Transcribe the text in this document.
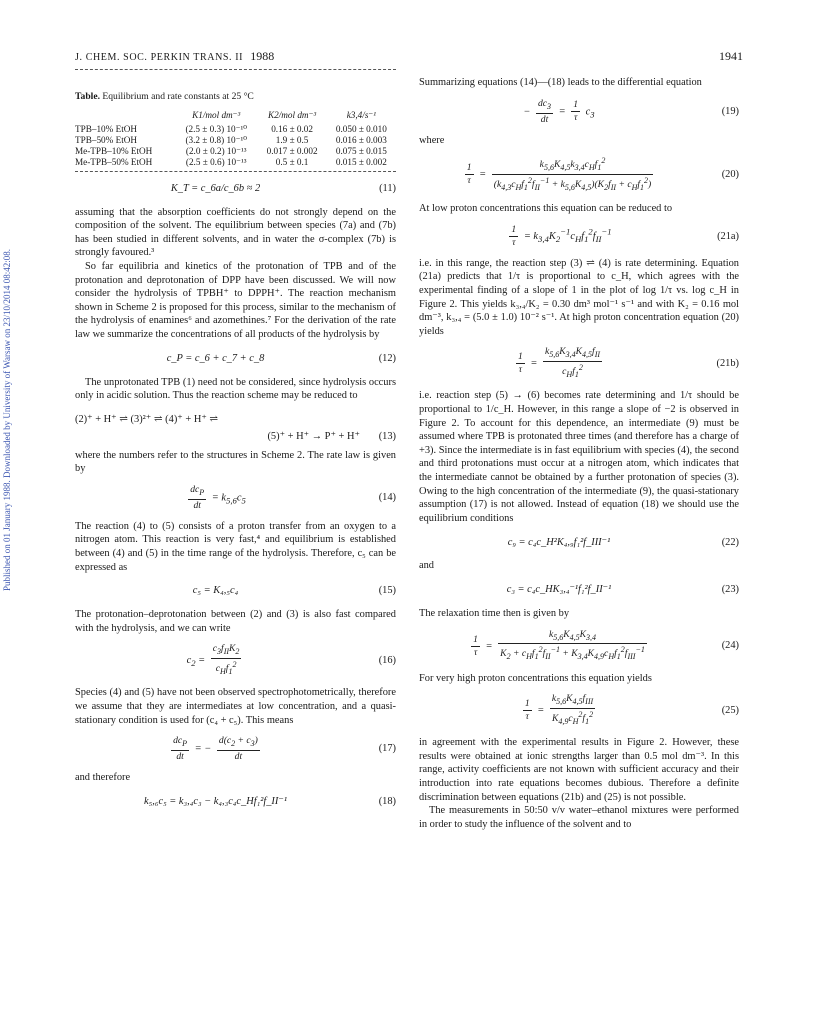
J. CHEM. SOC. PERKIN TRANS. II 1988	1941
Published on 01 January 1988. Downloaded by University of Warsaw on 23/10/2014 08:42:08.
Table. Equilibrium and rate constants at 25 °C
	K1/mol dm⁻³	K2/mol dm⁻³	k3,4/s⁻¹
TPB–10% EtOH	(2.5 ± 0.3) 10⁻¹⁰	0.16 ± 0.02	0.050 ± 0.010
TPB–50% EtOH	(3.2 ± 0.8) 10⁻¹⁰	1.9 ± 0.5	0.016 ± 0.003
Me-TPB–10% EtOH	(2.0 ± 0.2) 10⁻¹³	0.017 ± 0.002	0.075 ± 0.015
Me-TPB–50% EtOH	(2.5 ± 0.6) 10⁻¹³	0.5 ± 0.1	0.015 ± 0.002
K_T = c_6a/c_6b ≈ 2	(11)

assuming that the absorption coefficients do not strongly depend on the composition of the solvent. The equilibrium between species (7a) and (7b) has been studied in different solvents, and in water the σ-complex (7b) is strongly favoured.³

So far equilibria and kinetics of the protonation of TPB and of the protonation and deprotonation of DPP have been discussed. We will now consider the hydrolysis of TPBH⁺ to DPPH⁺. The reaction mechanism shown in Scheme 2 is proposed for this process, similar to the mechanism of the hydrolysis of enamines⁶ and azomethines.⁷ For the derivation of the rate law we summarize the concentrations of all products of the hydrolysis by

c_P = c_6 + c_7 + c_8	(12)

The unprotonated TPB (1) need not be considered, since hydrolysis occurs only in acidic solution. Thus the reaction scheme may be reduced to

(2)⁺ + H⁺ ⇌ (3)²⁺ ⇌ (4)⁺ + H⁺ ⇌
(5)⁺ + H⁺ → P⁺ + H⁺	(13)

where the numbers refer to the structures in Scheme 2. The rate law is given by

$\frac{dc_P}{dt} = k_{5,6}c_5$	(14)

The reaction (4) to (5) consists of a proton transfer from an oxygen to a nitrogen atom. This reaction is very fast,⁴ and equilibrium is established between (4) and (5) in the time range of the hydrolysis. Therefore, c₅ can be expressed as

c₅ = K₄,₅c₄	(15)

The protonation–deprotonation between (2) and (3) is also fast compared with the hydrolysis, and we can write

$c_2 = \frac{c_3f_{II}K_2}{c_Hf_1^2}$	(16)

Species (4) and (5) have not been observed spectrophotometrically, therefore we assume that they are intermediates at low concentration, and a quasi-stationary condition is used for (c₄ + c₅). This means

$\frac{dc_P}{dt}$ = − $\frac{d(c_2 + c_3)}{dt}$	(17)

and therefore

k₅,₆c₅ = k₃,₄c₃ − k₄,₃c₄c_Hf₁²f_II⁻¹	(18)

Summarizing equations (14)—(18) leads to the differential equation

− $\frac{dc_3}{dt} = \frac{1}{\tau} c_3$	(19)

where

$\frac{1}{\tau} = \frac{k_{5,6}K_{4,5}k_{3,4}c_Hf_1^2}{(k_{4,3}c_Hf_1^2f_{II}^{-1} + k_{5,6}K_{4,5})(K_2f_{II} + c_Hf_1^2)}$	(20)

At low proton concentrations this equation can be reduced to

$\frac{1}{\tau} = k_{3,4}K_2^{-1}c_Hf_1^2f_{II}^{-1}$	(21a)

i.e. in this range, the reaction step (3) ⇌ (4) is rate determining. Equation (21a) predicts that 1/τ is proportional to c_H, which agrees with the experimental finding of a slope of 1 in the plot of log 1/τ vs. log c_H in Figure 2. This yields k₃,₄/K₂ = 0.30 dm³ mol⁻¹ s⁻¹ and with K₂ = 0.16 mol dm⁻³, k₃,₄ = (5.0 ± 1.0) 10⁻² s⁻¹. At high proton concentration equation (20) yields

$\frac{1}{\tau} = \frac{k_{5,6}K_{3,4}K_{4,5}f_{II}}{c_Hf_1^2}$	(21b)

i.e. reaction step (5) → (6) becomes rate determining and 1/τ should be proportional to 1/c_H. However, in this range a slope of −2 is observed in Figure 2. To account for this dependence, an intermediate (9) must be assumed where TPB is protonated three times (and therefore has a charge of +3). Since the intermediate is in fast equilibrium with species (4), the second and third protonations must occur at a nitrogen atom, which indicates that the intermediate cannot be obtained by a further protonation of species (3). Owing to the high concentration of the intermediate (9), the quasi-stationary assumption (17) is not allowed. Instead of equation (18) we should use the equilibrium conditions

c₉ = c₄c_H²K₄,₉f₁²f_III⁻¹	(22)

and

c₃ = c₄c_HK₃,₄⁻¹f₁²f_II⁻¹	(23)

The relaxation time then is given by

$\frac{1}{\tau} = \frac{k_{5,6}K_{4,5}K_{3,4}}{K_2 + c_Hf_1^2f_{II}^{-1} + K_{3,4}K_{4,9}c_Hf_1^2f_{III}^{-1}}$	(24)

For very high proton concentrations this equation yields

$\frac{1}{\tau} = \frac{k_{5,6}K_{4,5}f_{III}}{K_{4,9}c_H^2f_1^2}$	(25)

in agreement with the experimental results in Figure 2. However, these results were obtained at ionic strengths larger than 0.5 mol dm⁻³. In this range, activity coefficients are not known with sufficient accuracy and their introduction into rate equations becomes dubious. Therefore a definite discrimination between equations (21b) and (25) is not possible.

The measurements in 50:50 v/v water–ethanol mixtures were performed in order to study the influence of the solvent and to
